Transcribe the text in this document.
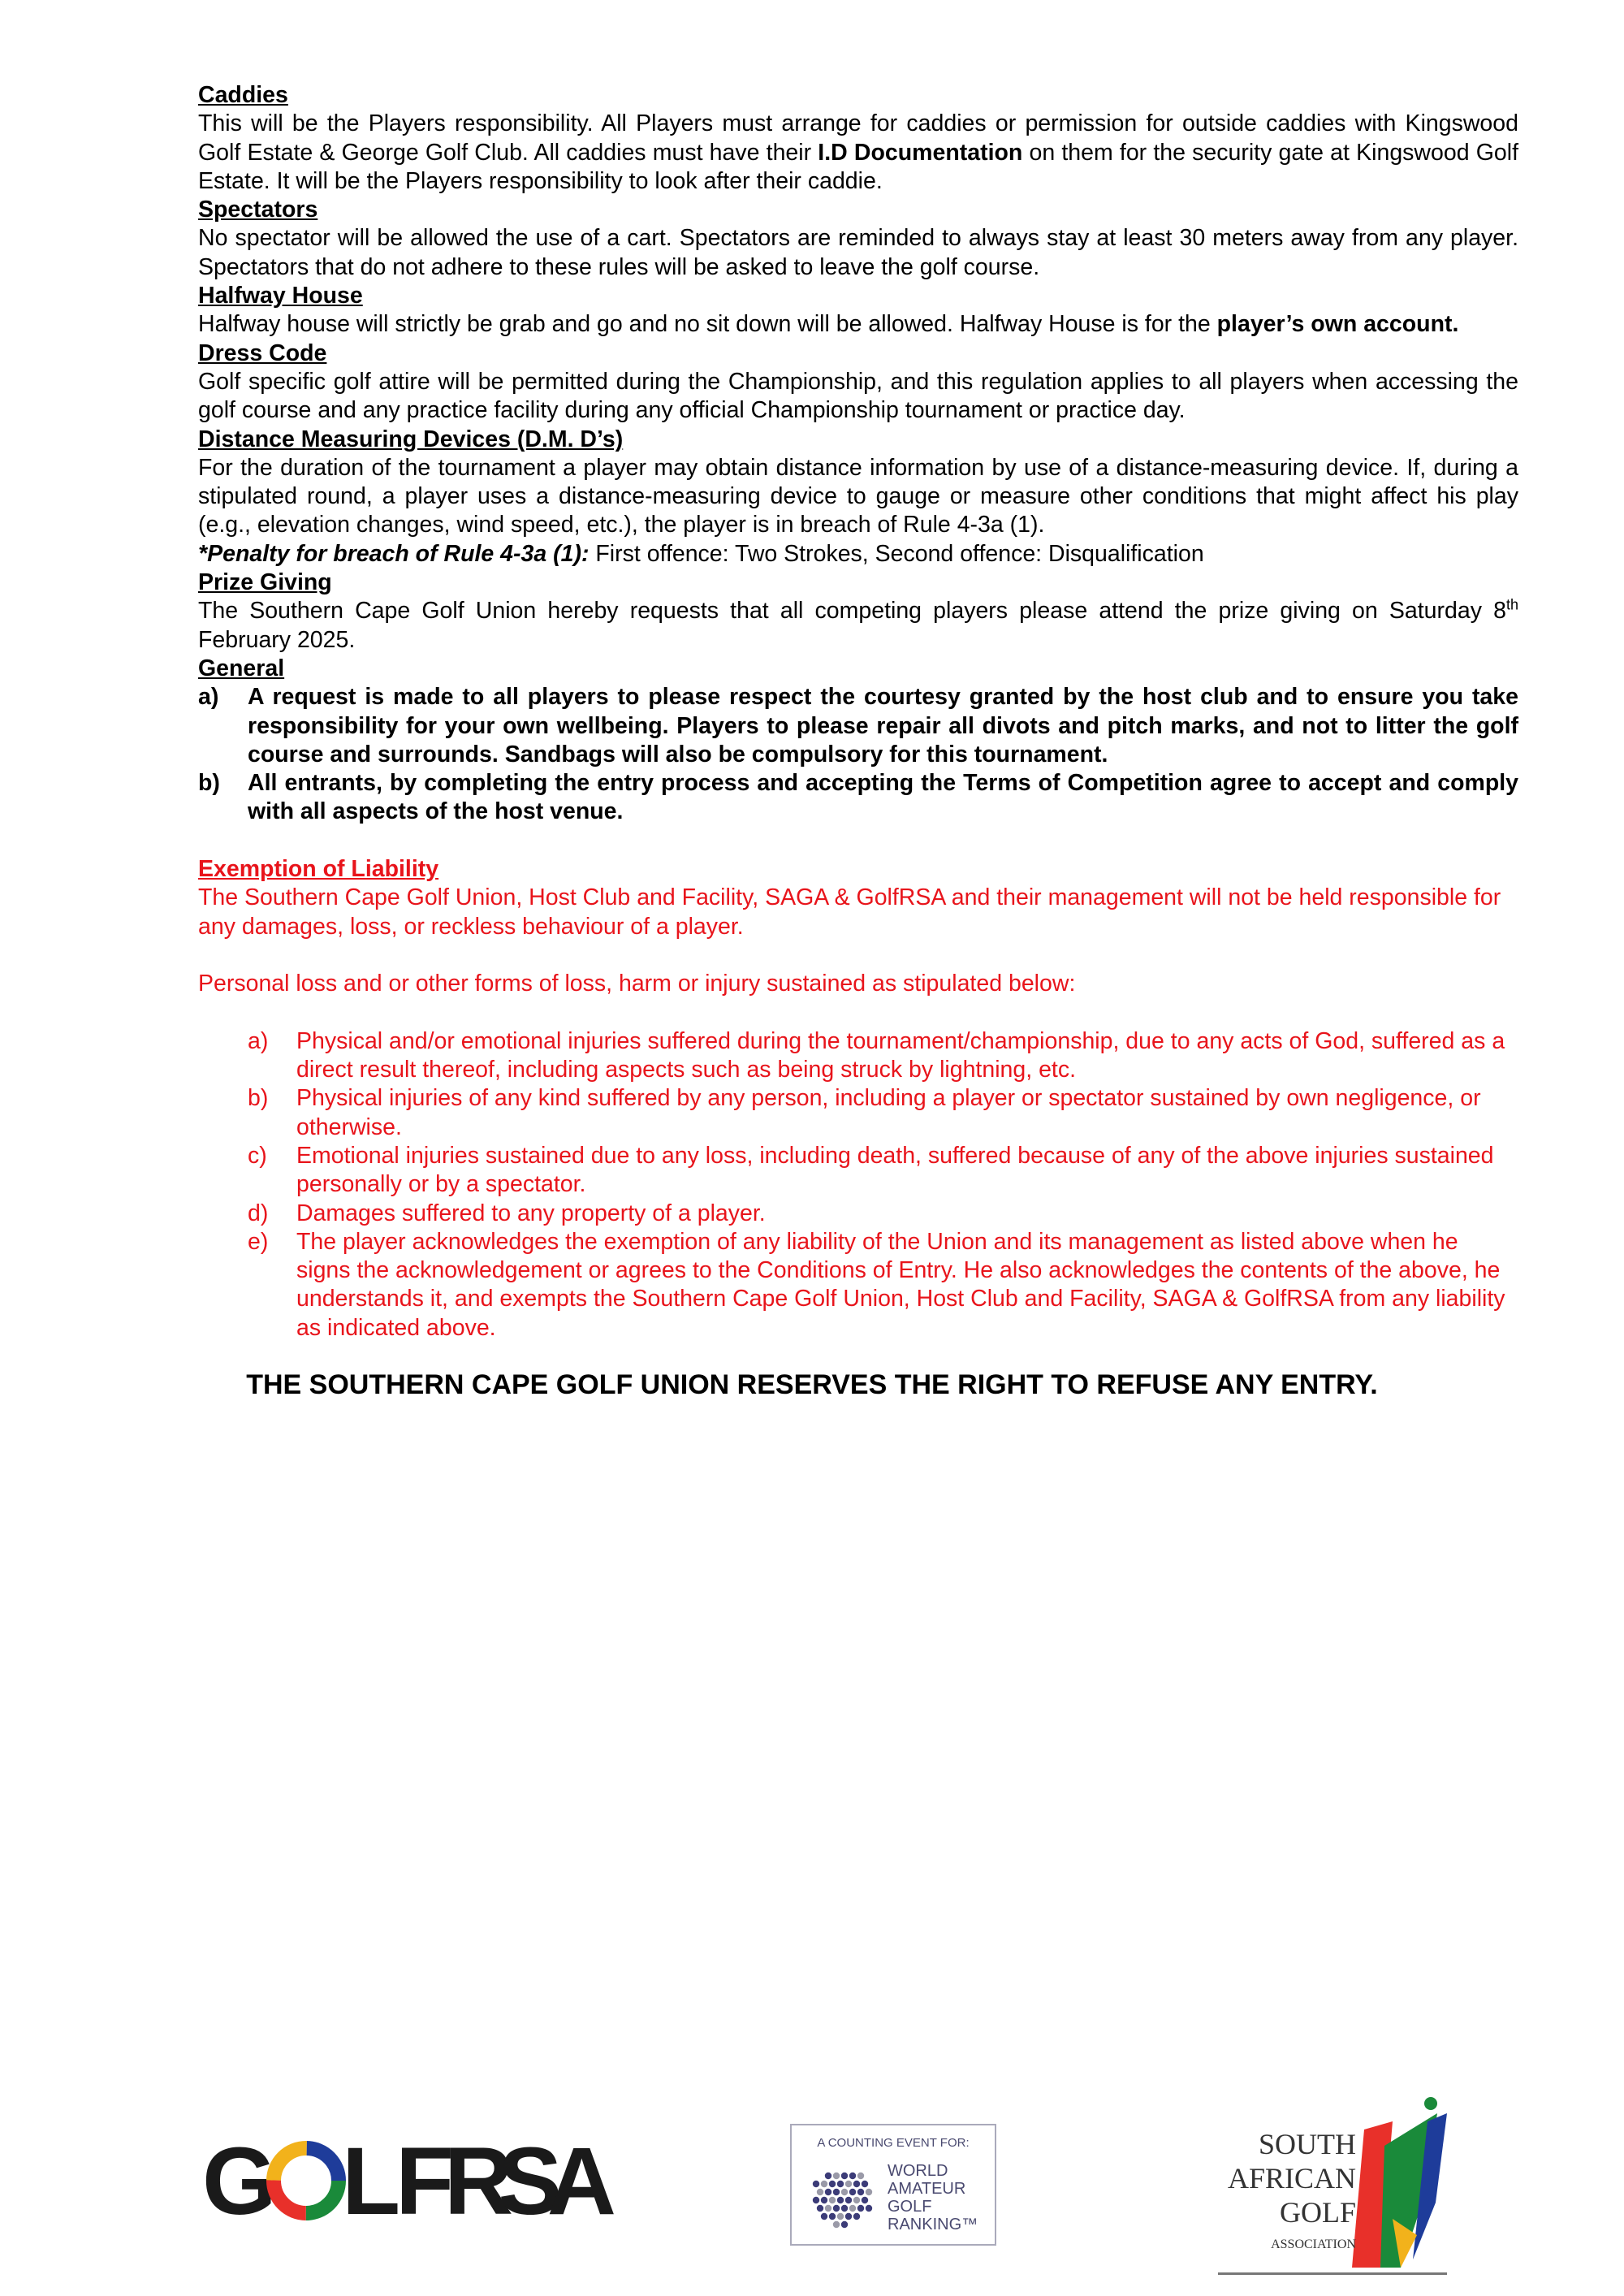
Caddies

This will be the Players responsibility. All Players must arrange for caddies or permission for outside caddies with Kingswood Golf Estate & George Golf Club. All caddies must have their I.D Documentation on them for the security gate at Kingswood Golf Estate. It will be the Players responsibility to look after their caddie.

Spectators

No spectator will be allowed the use of a cart. Spectators are reminded to always stay at least 30 meters away from any player. Spectators that do not adhere to these rules will be asked to leave the golf course.

Halfway House

Halfway house will strictly be grab and go and no sit down will be allowed. Halfway House is for the player’s own account.

Dress Code

Golf specific golf attire will be permitted during the Championship, and this regulation applies to all players when accessing the golf course and any practice facility during any official Championship tournament or practice day.

Distance Measuring Devices (D.M. D’s)

For the duration of the tournament a player may obtain distance information by use of a distance-measuring device. If, during a stipulated round, a player uses a distance-measuring device to gauge or measure other conditions that might affect his play (e.g., elevation changes, wind speed, etc.), the player is in breach of Rule 4-3a (1).

*Penalty for breach of Rule 4-3a (1): First offence: Two Strokes, Second offence: Disqualification

Prize Giving

The Southern Cape Golf Union hereby requests that all competing players please attend the prize giving on Saturday 8th February 2025.

General
a)	A request is made to all players to please respect the courtesy granted by the host club and to ensure you take responsibility for your own wellbeing. Players to please repair all divots and pitch marks, and not to litter the golf course and surrounds. Sandbags will also be compulsory for this tournament.
b)	All entrants, by completing the entry process and accepting the Terms of Competition agree to accept and comply with all aspects of the host venue.
Exemption of Liability

The Southern Cape Golf Union, Host Club and Facility, SAGA & GolfRSA and their management will not be held responsible for any damages, loss, or reckless behaviour of a player.

Personal loss and or other forms of loss, harm or injury sustained as stipulated below:

a)	Physical and/or emotional injuries suffered during the tournament/championship, due to any acts of God, suffered as a direct result thereof, including aspects such as being struck by lightning, etc.
b)	Physical injuries of any kind suffered by any person, including a player or spectator sustained by own negligence, or otherwise.
c)	Emotional injuries sustained due to any loss, including death, suffered because of any of the above injuries sustained personally or by a spectator.
d)	Damages suffered to any property of a player.
e)	The player acknowledges the exemption of any liability of the Union and its management as listed above when he signs the acknowledgement or agrees to the Conditions of Entry. He also acknowledges the contents of the above, he understands it, and exempts the Southern Cape Golf Union, Host Club and Facility, SAGA & GolfRSA from any liability as indicated above.
THE SOUTHERN CAPE GOLF UNION RESERVES THE RIGHT TO REFUSE ANY ENTRY.
G LF
RSA	A COUNTING EVENT FOR:
WORLD
AMATEUR
GOLF
RANKING™
SOUTH
AFRICAN
GOLF
ASSOCIATION
